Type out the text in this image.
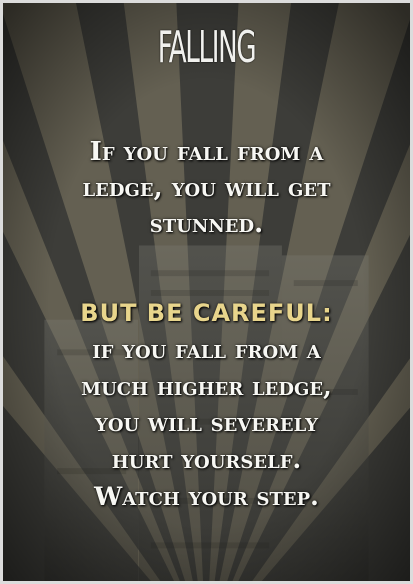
FALLING

If you fall from a
ledge, you will get
stunned.

BUT BE CAREFUL:
if you fall from a
much higher ledge,
you will severely
hurt yourself.
Watch your step.
